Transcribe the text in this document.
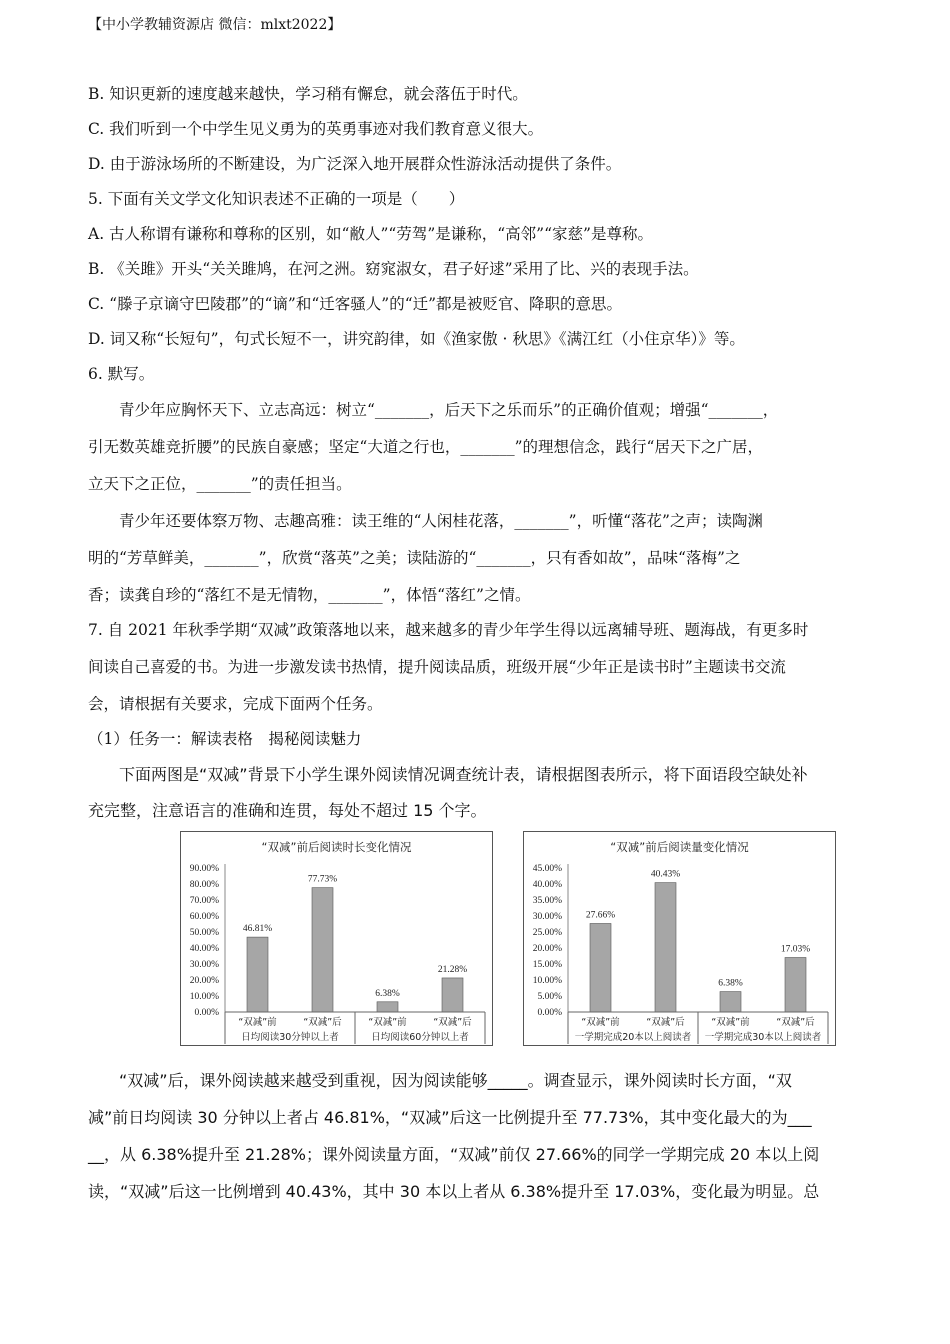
【中小学教辅资源店 微信：mlxt2022】
B. 知识更新的速度越来越快，学习稍有懈怠，就会落伍于时代。
C. 我们听到一个中学生见义勇为的英勇事迹对我们教育意义很大。
D. 由于游泳场所的不断建设，为广泛深入地开展群众性游泳活动提供了条件。
5. 下面有关文学文化知识表述不正确的一项是（　　）
A. 古人称谓有谦称和尊称的区别，如“敝人”“劳驾”是谦称，“高邻”“家慈”是尊称。
B. 《关雎》开头“关关雎鸠，在河之洲。窈窕淑女，君子好逑”采用了比、兴的表现手法。
C. “滕子京谪守巴陵郡”的“谪”和“迁客骚人”的“迁”都是被贬官、降职的意思。
D. 词又称“长短句”，句式长短不一，讲究韵律，如《渔家傲 · 秋思》《满江红（小住京华）》等。
6. 默写。
青少年应胸怀天下、立志高远：树立“_______，后天下之乐而乐”的正确价值观；增强“_______，
引无数英雄竞折腰”的民族自豪感；坚定“大道之行也，_______”的理想信念，践行“居天下之广居，
立天下之正位，_______”的责任担当。
青少年还要体察万物、志趣高雅：读王维的“人闲桂花落，_______”，听懂“落花”之声；读陶渊
明的“芳草鲜美，_______”，欣赏“落英”之美；读陆游的“_______，只有香如故”，品味“落梅”之
香；读龚自珍的“落红不是无情物，_______”，体悟“落红”之情。
7. 自 2021 年秋季学期“双减”政策落地以来，越来越多的青少年学生得以远离辅导班、题海战，有更多时
间读自己喜爱的书。为进一步激发读书热情，提升阅读品质，班级开展“少年正是读书时”主题读书交流
会，请根据有关要求，完成下面两个任务。
（1）任务一：解读表格　揭秘阅读魅力
下面两图是“双减”背景下小学生课外阅读情况调查统计表，请根据图表所示，将下面语段空缺处补
充完整，注意语言的准确和连贯，每处不超过 15 个字。
“双减”前后阅读时长变化情况
0.00%
10.00%
20.00%
30.00%
40.00%
50.00%
60.00%
70.00%
80.00%
90.00%
46.81%
“双减”前
77.73%
“双减”后
6.38%
“双减”前
21.28%
“双减”后
日均阅读30分钟以上者	日均阅读60分钟以上者
“双减”前后阅读量变化情况
0.00%
5.00%
10.00%
15.00%
20.00%
25.00%
30.00%
35.00%
40.00%
45.00%
27.66%
“双减”前
40.43%
“双减”后
6.38%
“双减”前
17.03%
“双减”后
一学期完成20本以上阅读者 一学期完成30本以上阅读者
“双减”后，课外阅读越来越受到重视，因为阅读能够_____。调查显示，课外阅读时长方面，“双
减”前日均阅读 30 分钟以上者占 46.81%，“双减”后这一比例提升至 77.73%，其中变化最大的为___
__，从 6.38%提升至 21.28%；课外阅读量方面，“双减”前仅 27.66%的同学一学期完成 20 本以上阅
读，“双减”后这一比例增到 40.43%，其中 30 本以上者从 6.38%提升至 17.03%，变化最为明显。总
